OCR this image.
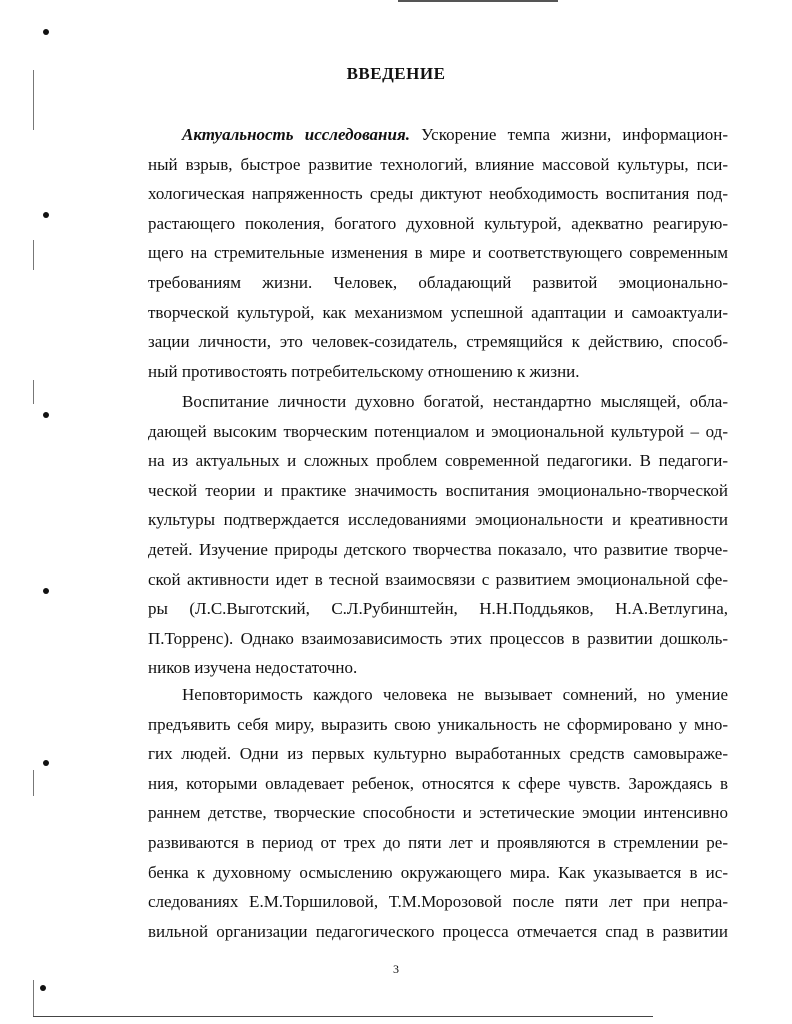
ВВЕДЕНИЕ
Актуальность исследования. Ускорение темпа жизни, информацион-
ный взрыв, быстрое развитие технологий, влияние массовой культуры, пси-
хологическая напряженность среды диктуют необходимость воспитания под-
растающего поколения, богатого духовной культурой, адекватно реагирую-
щего на стремительные изменения в мире и соответствующего современным
требованиям жизни. Человек, обладающий развитой эмоционально-
творческой культурой, как механизмом успешной адаптации и самоактуали-
зации личности, это человек-созидатель, стремящийся к действию, способ-
ный противостоять потребительскому отношению к жизни.
Воспитание личности духовно богатой, нестандартно мыслящей, обла-
дающей высоким творческим потенциалом и эмоциональной культурой – од-
на из актуальных и сложных проблем современной педагогики. В педагоги-
ческой теории и практике значимость воспитания эмоционально-творческой
культуры подтверждается исследованиями эмоциональности и креативности
детей. Изучение природы детского творчества показало, что развитие творче-
ской активности идет в тесной взаимосвязи с развитием эмоциональной сфе-
ры (Л.С.Выготский, С.Л.Рубинштейн, Н.Н.Поддьяков, Н.А.Ветлугина,
П.Торренс). Однако взаимозависимость этих процессов в развитии дошколь-
ников изучена недостаточно.
Неповторимость каждого человека не вызывает сомнений, но умение
предъявить себя миру, выразить свою уникальность не сформировано у мно-
гих людей. Одни из первых культурно выработанных средств самовыраже-
ния, которыми овладевает ребенок, относятся к сфере чувств. Зарождаясь в
раннем детстве, творческие способности и эстетические эмоции интенсивно
развиваются в период от трех до пяти лет и проявляются в стремлении ре-
бенка к духовному осмыслению окружающего мира. Как указывается в ис-
следованиях Е.М.Торшиловой, Т.М.Морозовой после пяти лет при непра-
вильной организации педагогического процесса отмечается спад в развитии
3
